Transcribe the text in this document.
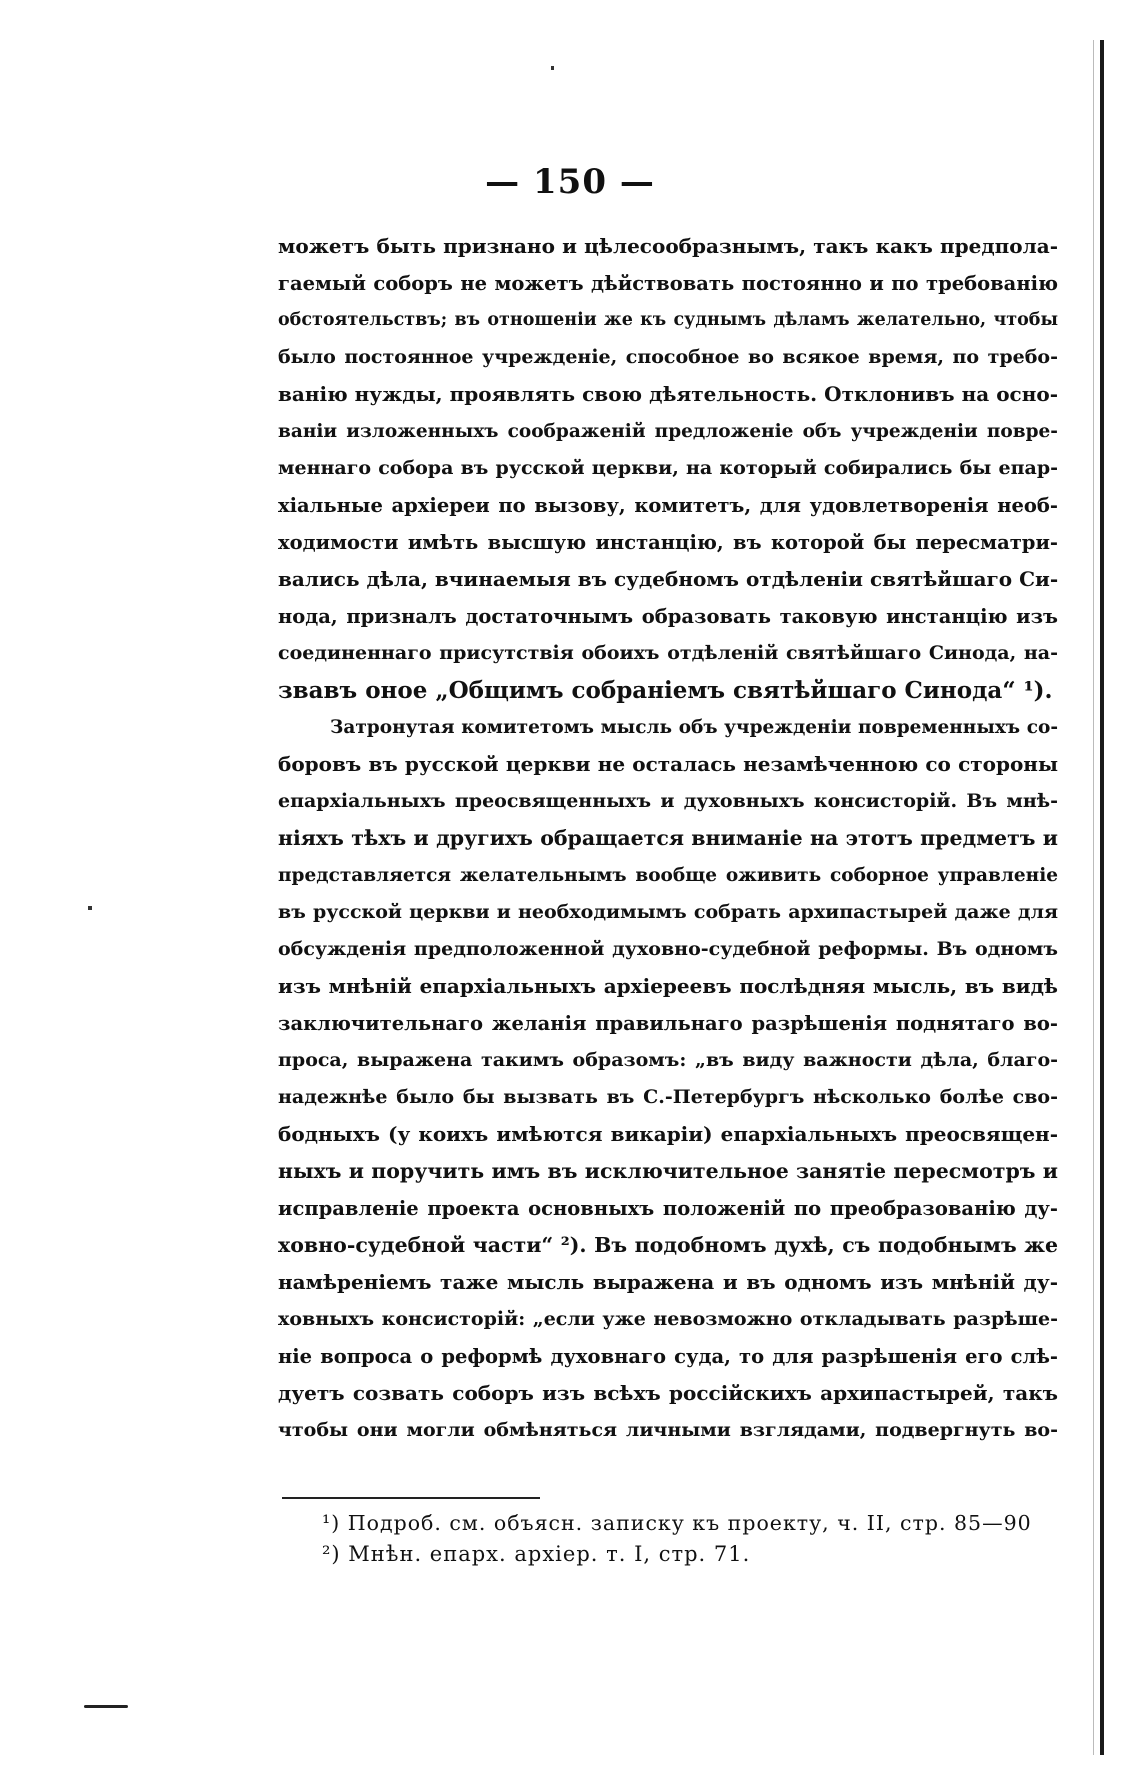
— 150 —
можетъ быть признано и цѣлесообразнымъ, такъ какъ предпола-
гаемый соборъ не можетъ дѣйствовать постоянно и по требованію
обстоятельствъ; въ отношеніи же къ суднымъ дѣламъ желательно, чтобы
было постоянное учрежденіе, способное во всякое время, по требо-
ванію нужды, проявлять свою дѣятельность. Отклонивъ на осно-
ваніи изложенныхъ соображеній предложеніе объ учрежденіи повре-
меннаго собора въ русской церкви, на который собирались бы епар-
хіальные архіереи по вызову, комитетъ, для удовлетворенія необ-
ходимости имѣть высшую инстанцію, въ которой бы пересматри-
вались дѣла, вчинаемыя въ судебномъ отдѣленіи святѣйшаго Си-
нода, призналъ достаточнымъ образовать таковую инстанцію изъ
соединеннаго присутствія обоихъ отдѣленій святѣйшаго Синода, на-
звавъ оное „Общимъ собраніемъ святѣйшаго Синода“ ¹).
Затронутая комитетомъ мысль объ учрежденіи повременныхъ со-
боровъ въ русской церкви не осталась незамѣченною со стороны
епархіальныхъ преосвященныхъ и духовныхъ консисторій. Въ мнѣ-
ніяхъ тѣхъ и другихъ обращается вниманіе на этотъ предметъ и
представляется желательнымъ вообще оживить соборное управленіе
въ русской церкви и необходимымъ собрать архипастырей даже для
обсужденія предположенной духовно-судебной реформы. Въ одномъ
изъ мнѣній епархіальныхъ архіереевъ послѣдняя мысль, въ видѣ
заключительнаго желанія правильнаго разрѣшенія поднятаго во-
проса, выражена такимъ образомъ: „въ виду важности дѣла, благо-
надежнѣе было бы вызвать въ С.-Петербургъ нѣсколько болѣе сво-
бодныхъ (у коихъ имѣются викаріи) епархіальныхъ преосвящен-
ныхъ и поручить имъ въ исключительное занятіе пересмотръ и
исправленіе проекта основныхъ положеній по преобразованію ду-
ховно-судебной части“ ²). Въ подобномъ духѣ, съ подобнымъ же
намѣреніемъ таже мысль выражена и въ одномъ изъ мнѣній ду-
ховныхъ консисторій: „если уже невозможно откладывать разрѣше-
ніе вопроса о реформѣ духовнаго суда, то для разрѣшенія его слѣ-
дуетъ созвать соборъ изъ всѣхъ россійскихъ архипастырей, такъ
чтобы они могли обмѣняться личными взглядами, подвергнуть во-
¹) Подроб. см. объясн. записку къ проекту, ч. II, стр. 85—90
²) Мнѣн. епарх. архіер. т. I, стр. 71.
